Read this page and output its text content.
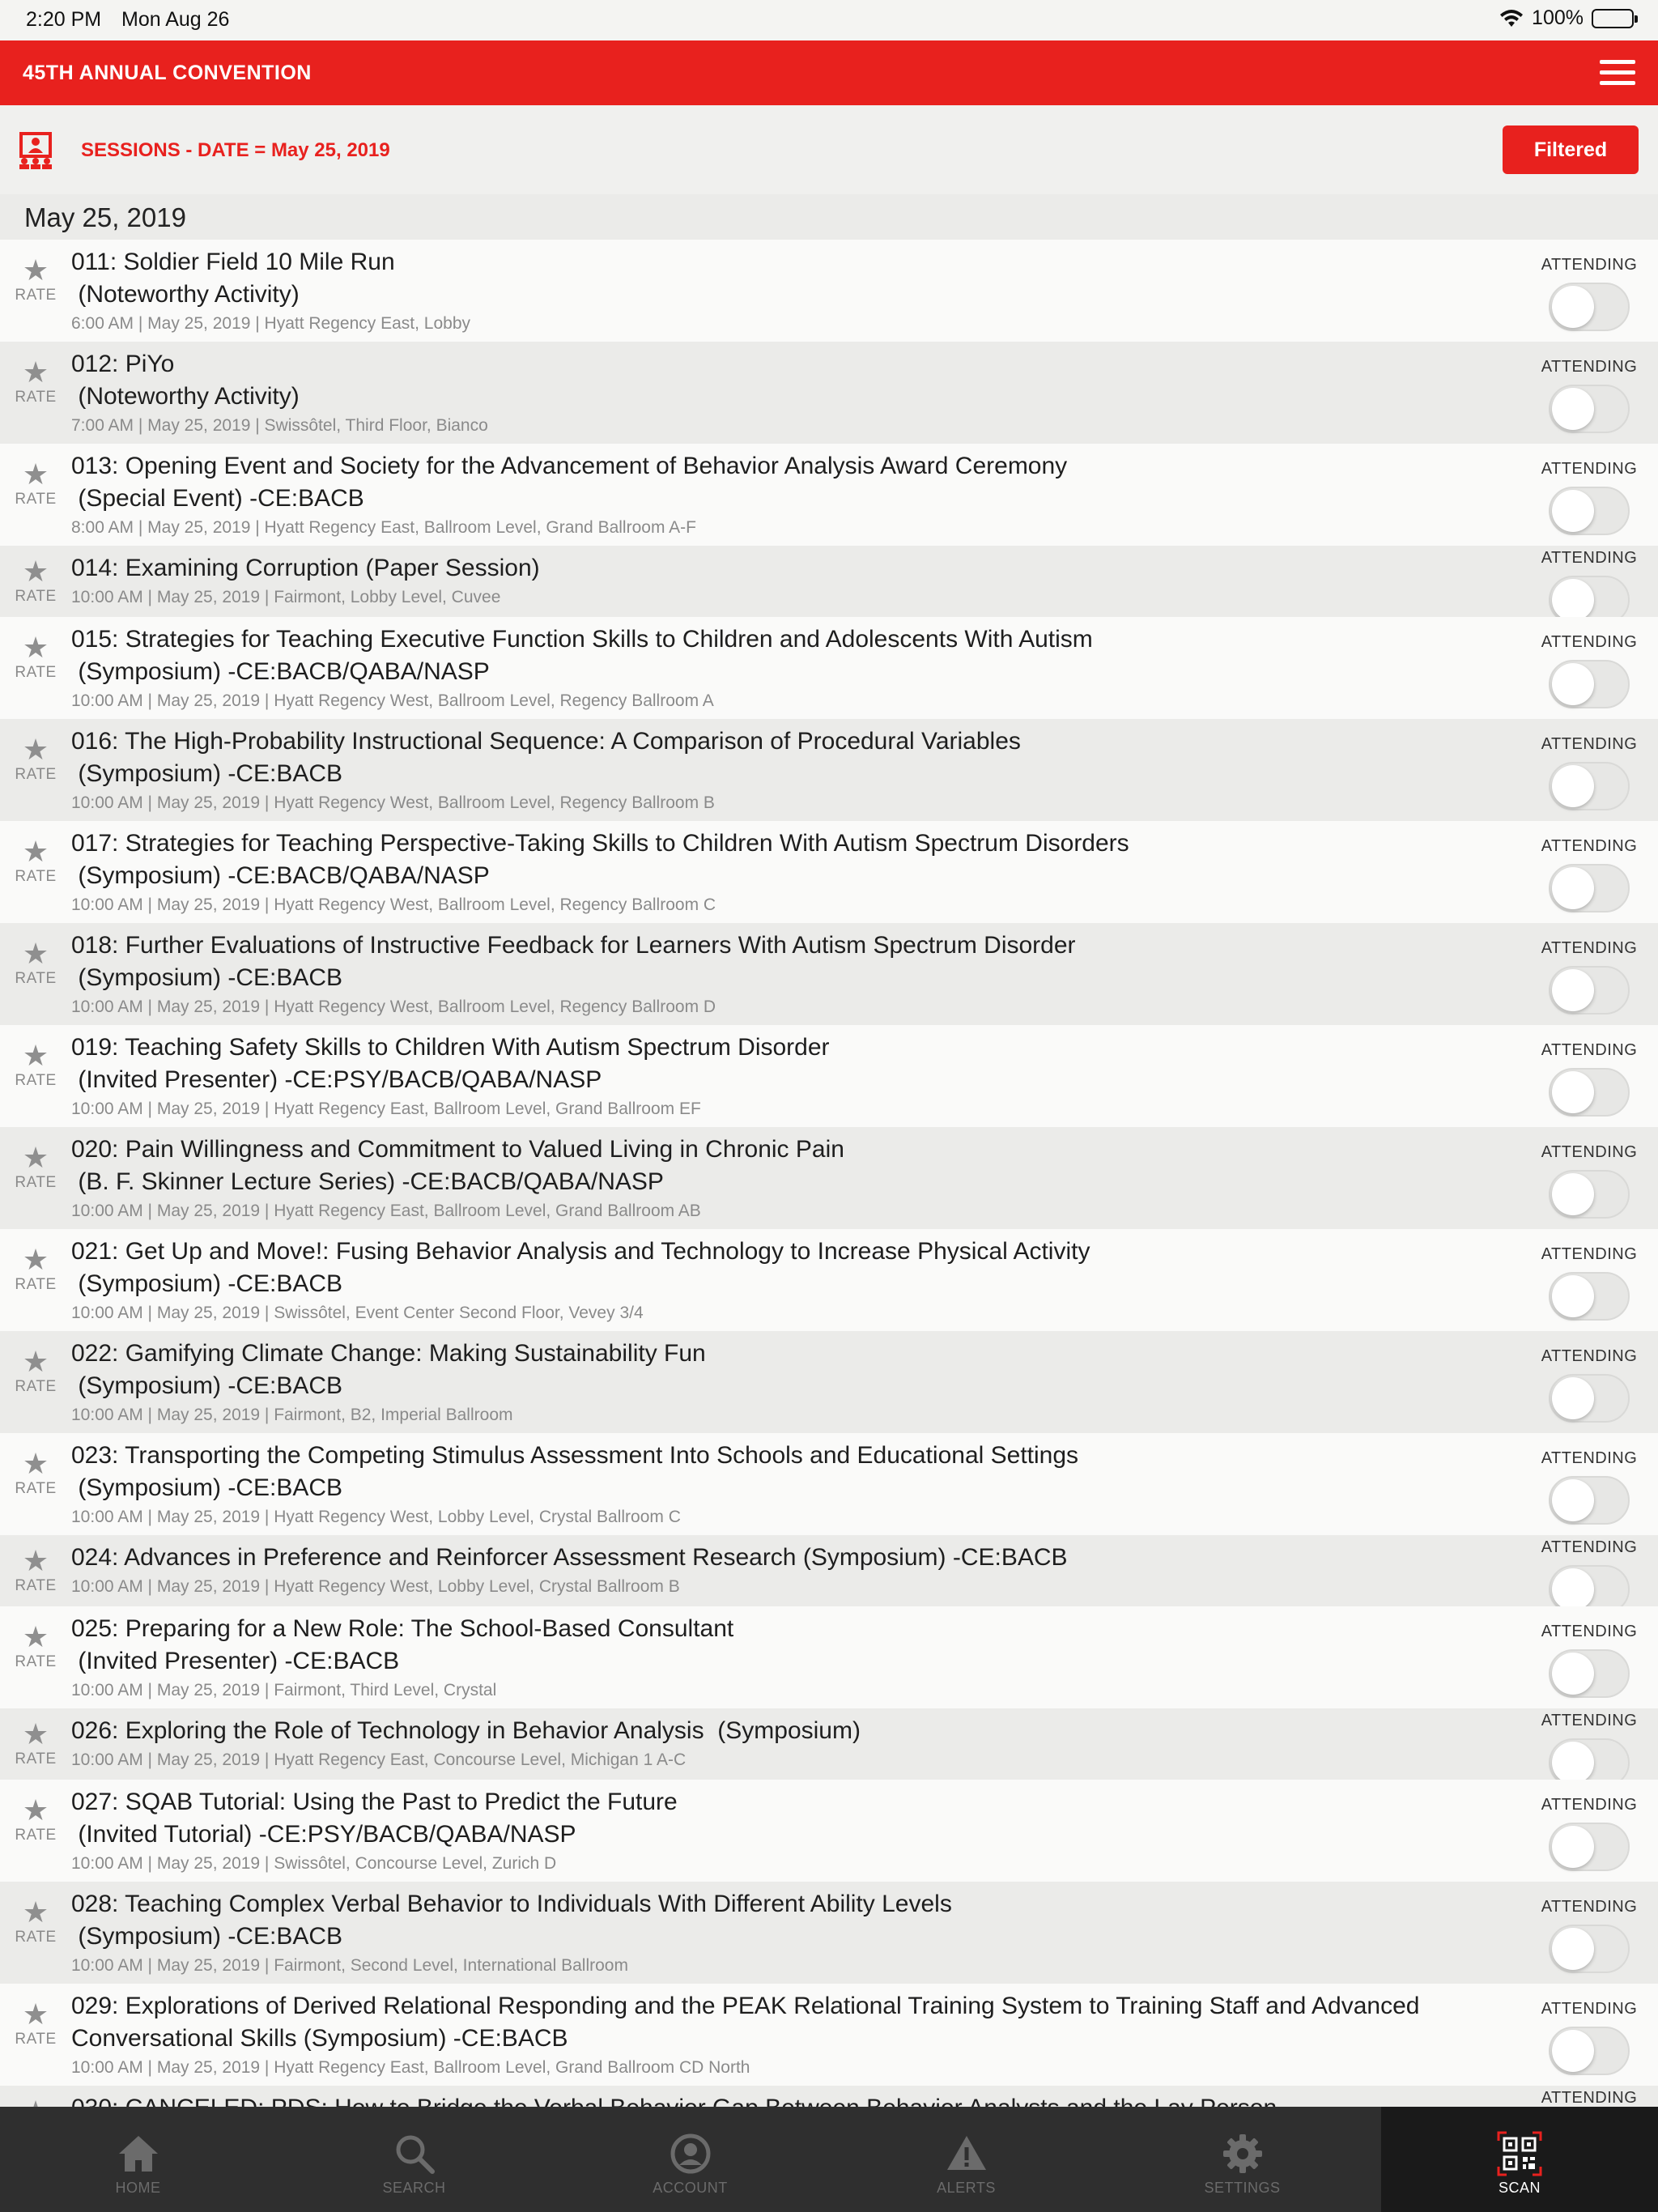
2:20 PM Mon Aug 26	100%
45TH ANNUAL CONVENTION
SESSIONS - DATE = May 25, 2019	Filtered
May 25, 2019
★
RATE
011: Soldier Field 10 Mile Run
(Noteworthy Activity)
6:00 AM | May 25, 2019 | Hyatt Regency East, Lobby
ATTENDING
★
RATE
012: PiYo
(Noteworthy Activity)
7:00 AM | May 25, 2019 | Swissôtel, Third Floor, Bianco
ATTENDING
★
RATE
013: Opening Event and Society for the Advancement of Behavior Analysis Award Ceremony
(Special Event) -CE:BACB
8:00 AM | May 25, 2019 | Hyatt Regency East, Ballroom Level, Grand Ballroom A-F
ATTENDING
★
RATE
014: Examining Corruption (Paper Session)
10:00 AM | May 25, 2019 | Fairmont, Lobby Level, Cuvee
ATTENDING
★
RATE
015: Strategies for Teaching Executive Function Skills to Children and Adolescents With Autism
(Symposium) -CE:BACB/QABA/NASP
10:00 AM | May 25, 2019 | Hyatt Regency West, Ballroom Level, Regency Ballroom A
ATTENDING
★
RATE
016: The High-Probability Instructional Sequence: A Comparison of Procedural Variables
(Symposium) -CE:BACB
10:00 AM | May 25, 2019 | Hyatt Regency West, Ballroom Level, Regency Ballroom B
ATTENDING
★
RATE
017: Strategies for Teaching Perspective-Taking Skills to Children With Autism Spectrum Disorders
(Symposium) -CE:BACB/QABA/NASP
10:00 AM | May 25, 2019 | Hyatt Regency West, Ballroom Level, Regency Ballroom C
ATTENDING
★
RATE
018: Further Evaluations of Instructive Feedback for Learners With Autism Spectrum Disorder
(Symposium) -CE:BACB
10:00 AM | May 25, 2019 | Hyatt Regency West, Ballroom Level, Regency Ballroom D
ATTENDING
★
RATE
019: Teaching Safety Skills to Children With Autism Spectrum Disorder
(Invited Presenter) -CE:PSY/BACB/QABA/NASP
10:00 AM | May 25, 2019 | Hyatt Regency East, Ballroom Level, Grand Ballroom EF
ATTENDING
★
RATE
020: Pain Willingness and Commitment to Valued Living in Chronic Pain
(B. F. Skinner Lecture Series) -CE:BACB/QABA/NASP
10:00 AM | May 25, 2019 | Hyatt Regency East, Ballroom Level, Grand Ballroom AB
ATTENDING
★
RATE
021: Get Up and Move!: Fusing Behavior Analysis and Technology to Increase Physical Activity
(Symposium) -CE:BACB
10:00 AM | May 25, 2019 | Swissôtel, Event Center Second Floor, Vevey 3/4
ATTENDING
★
RATE
022: Gamifying Climate Change: Making Sustainability Fun
(Symposium) -CE:BACB
10:00 AM | May 25, 2019 | Fairmont, B2, Imperial Ballroom
ATTENDING
★
RATE
023: Transporting the Competing Stimulus Assessment Into Schools and Educational Settings
(Symposium) -CE:BACB
10:00 AM | May 25, 2019 | Hyatt Regency West, Lobby Level, Crystal Ballroom C
ATTENDING
★
RATE
024: Advances in Preference and Reinforcer Assessment Research (Symposium) -CE:BACB
10:00 AM | May 25, 2019 | Hyatt Regency West, Lobby Level, Crystal Ballroom B
ATTENDING
★
RATE
025: Preparing for a New Role: The School-Based Consultant
(Invited Presenter) -CE:BACB
10:00 AM | May 25, 2019 | Fairmont, Third Level, Crystal
ATTENDING
★
RATE
026: Exploring the Role of Technology in Behavior Analysis  (Symposium)
10:00 AM | May 25, 2019 | Hyatt Regency East, Concourse Level, Michigan 1 A-C
ATTENDING
★
RATE
027: SQAB Tutorial: Using the Past to Predict the Future
(Invited Tutorial) -CE:PSY/BACB/QABA/NASP
10:00 AM | May 25, 2019 | Swissôtel, Concourse Level, Zurich D
ATTENDING
★
RATE
028: Teaching Complex Verbal Behavior to Individuals With Different Ability Levels
(Symposium) -CE:BACB
10:00 AM | May 25, 2019 | Fairmont, Second Level, International Ballroom
ATTENDING
★
RATE
029: Explorations of Derived Relational Responding and the PEAK Relational Training System to Training Staff and Advanced
Conversational Skills (Symposium) -CE:BACB
10:00 AM | May 25, 2019 | Hyatt Regency East, Ballroom Level, Grand Ballroom CD North
ATTENDING
ATTENDING
HOME	SEARCH	ACCOUNT	ALERTS	SETTINGS	SCAN
